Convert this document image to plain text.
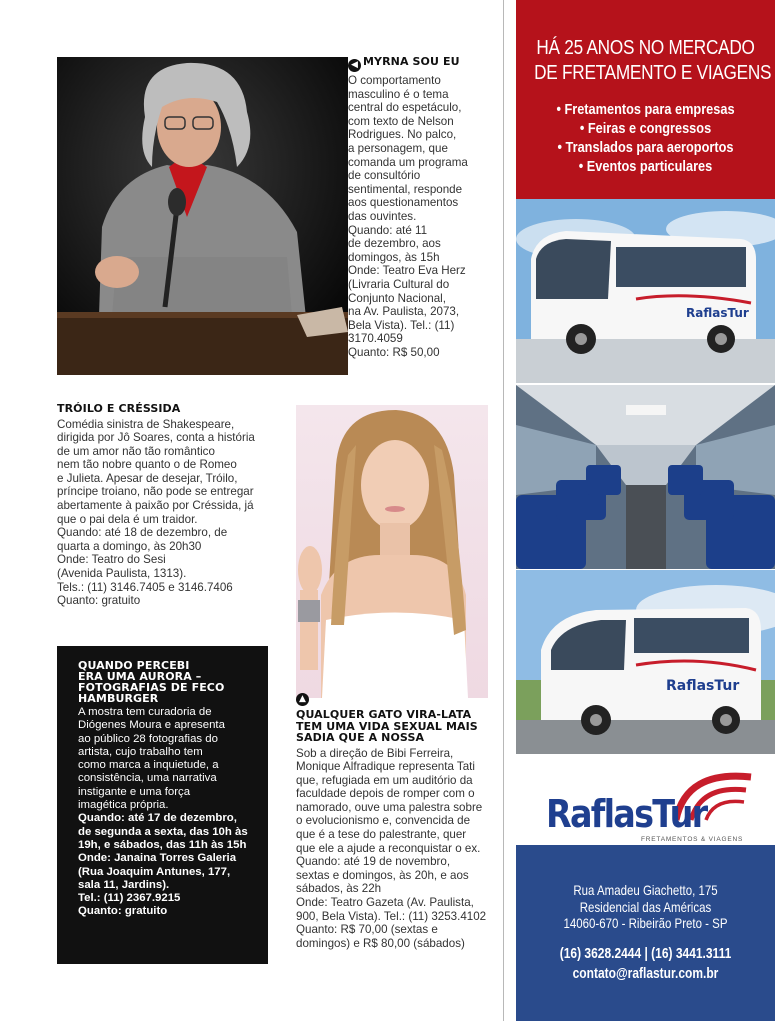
◀ MYRNA SOU EU
O comportamento
masculino é o tema
central do espetáculo,
com texto de Nelson
Rodrigues. No palco,
a personagem, que
comanda um programa
de consultório
sentimental, responde
aos questionamentos
das ouvintes.
Quando: até 11
de dezembro, aos
domingos, às 15h
Onde: Teatro Eva Herz
(Livraria Cultural do
Conjunto Nacional,
na Av. Paulista, 2073,
Bela Vista). Tel.: (11)
3170.4059
Quanto: R$ 50,00
TRÓILO E CRÉSSIDA
Comédia sinistra de Shakespeare,
dirigida por Jô Soares, conta a história
de um amor não tão romântico
nem tão nobre quanto o de Romeo
e Julieta. Apesar de desejar, Tróilo,
príncipe troiano, não pode se entregar
abertamente à paixão por Créssida, já
que o pai dela é um traidor.
Quando: até 18 de dezembro, de
quarta a domingo, às 20h30
Onde: Teatro do Sesi
(Avenida Paulista, 1313).
Tels.: (11) 3146.7405 e 3146.7406
Quanto: gratuito
QUANDO PERCEBI
ERA UMA AURORA –
FOTOGRAFIAS DE FECO
HAMBURGER
A mostra tem curadoria de
Diógenes Moura e apresenta
ao público 28 fotografias do
artista, cujo trabalho tem
como marca a inquietude, a
consistência, uma narrativa
instigante e uma força
imagética própria.
Quando: até 17 de dezembro,
de segunda a sexta, das 10h às
19h, e sábados, das 11h às 15h
Onde: Janaina Torres Galeria
(Rua Joaquim Antunes, 177,
sala 11, Jardins).
Tel.: (11) 2367.9215
Quanto: gratuito
▲
QUALQUER GATO VIRA-LATA
TEM UMA VIDA SEXUAL MAIS
SADIA QUE A NOSSA
Sob a direção de Bibi Ferreira,
Monique Alfradique representa Tati
que, refugiada em um auditório da
faculdade depois de romper com o
namorado, ouve uma palestra sobre
o evolucionismo e, convencida de
que é a tese do palestrante, quer
que ele a ajude a reconquistar o ex.
Quando: até 19 de novembro,
sextas e domingos, às 20h, e aos
sábados, às 22h
Onde: Teatro Gazeta (Av. Paulista,
900, Bela Vista). Tel.: (11) 3253.4102
Quanto: R$ 70,00 (sextas e
domingos) e R$ 80,00 (sábados)
HÁ 25 ANOS NO MERCADO
DE FRETAMENTO E VIAGENS
• Fretamentos para empresas
• Feiras e congressos
• Translados para aeroportos
• Eventos particulares
RaflasTur
RaflasTur
RaflasTur
FRETAMENTOS & VIAGENS
Rua Amadeu Giachetto, 175
Residencial das Américas
14060-670 - Ribeirão Preto - SP
(16) 3628.2444 | (16) 3441.3111
contato@raflastur.com.br
